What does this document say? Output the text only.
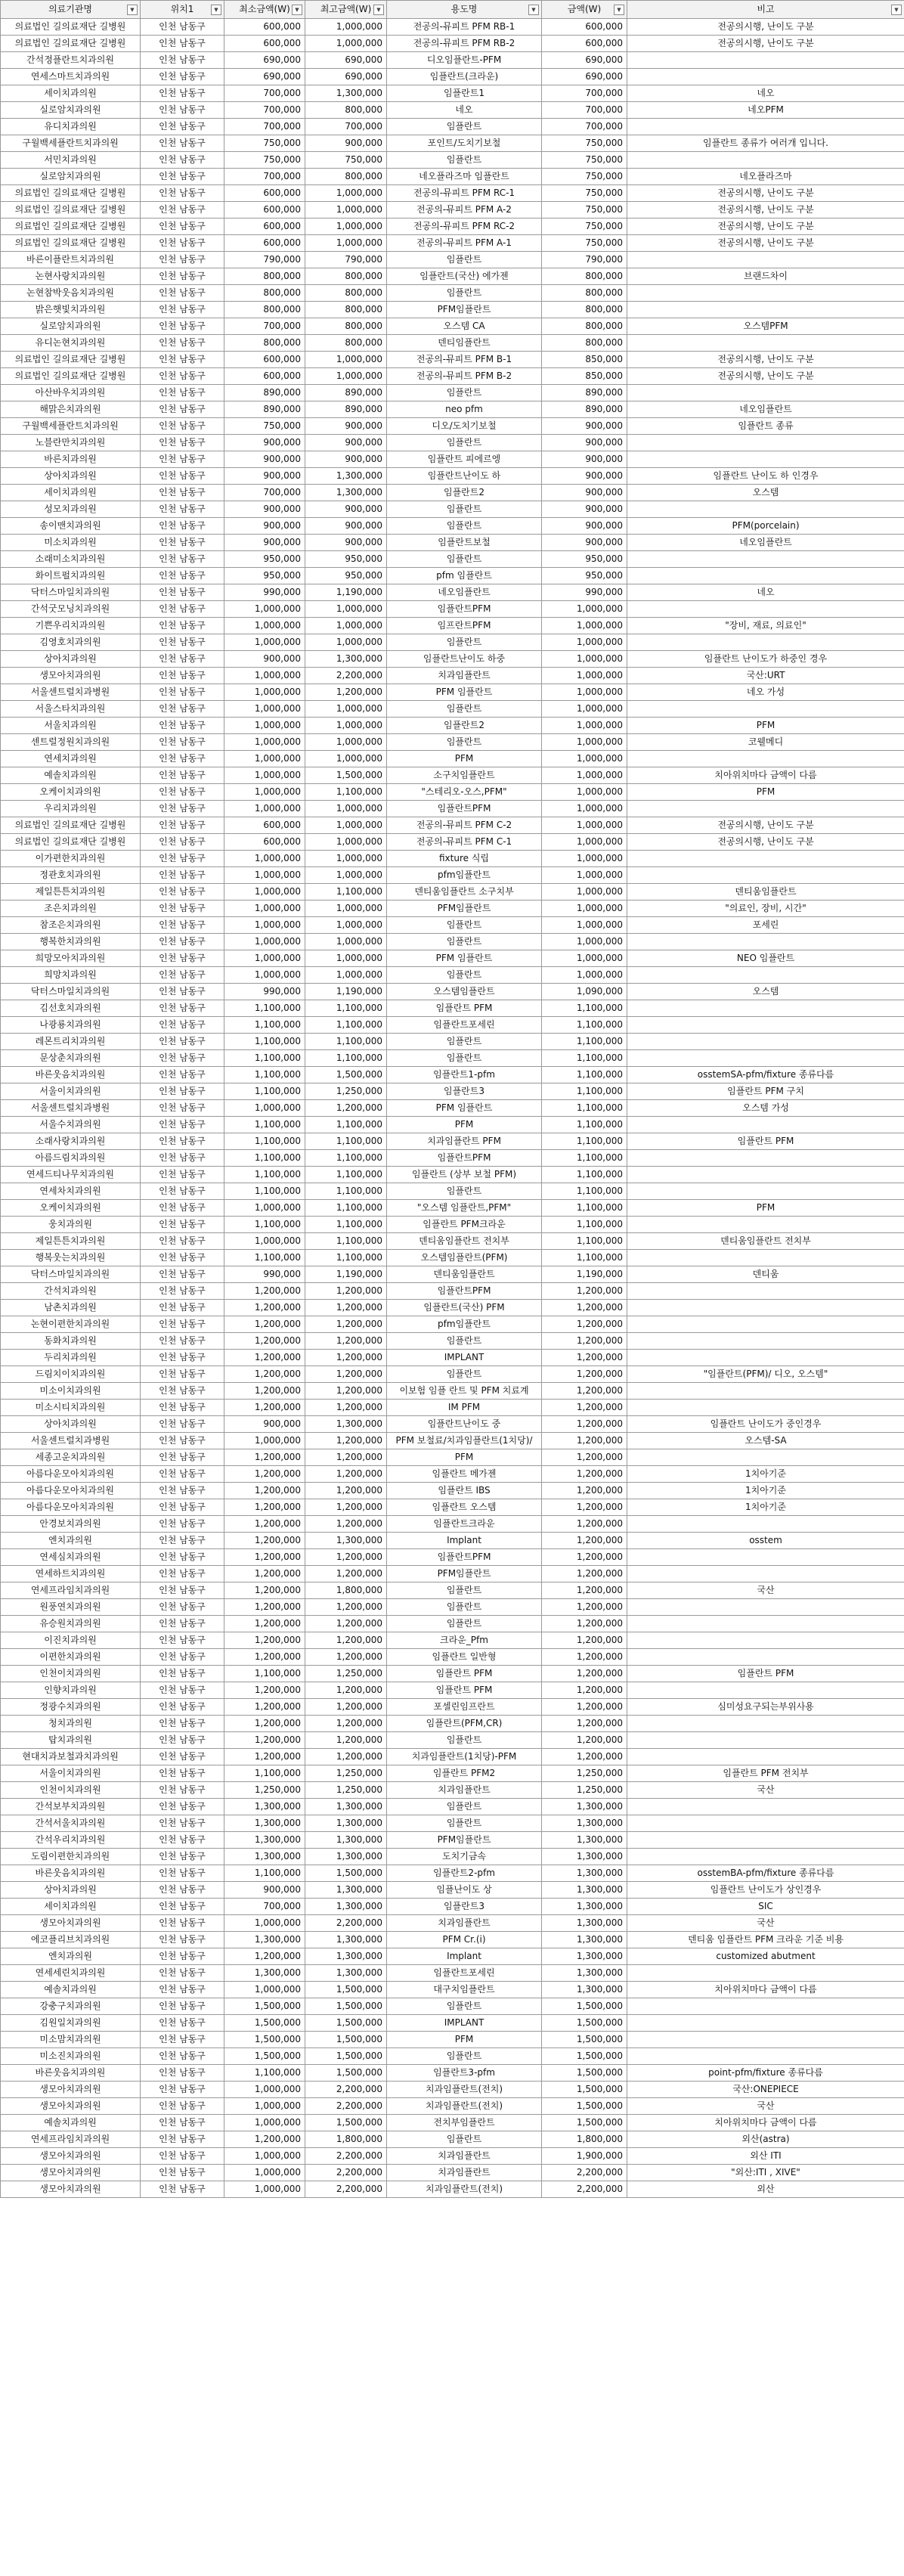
의료기관명 ▼	위치1 ▼	최소금액(W) ▼	최고금액(W) ▼	용도명 ▼	금액(W) ▼	비고 ▼

의료법인 길의료재단 길병원	인천 남동구	600,000	1,000,000	전공의-뮤피트 PFM RB-1	600,000	전공의시행, 난이도 구분
의료법인 길의료재단 길병원	인천 남동구	600,000	1,000,000	전공의-뮤피트 PFM RB-2	600,000	전공의시행, 난이도 구분
간석정플란트치과의원	인천 남동구	690,000	690,000	디오임플란트-PFM	690,000	
연세스마트치과의원	인천 남동구	690,000	690,000	임플란트(크라운)	690,000	
세이치과의원	인천 남동구	700,000	1,300,000	임플란트1	700,000	네오
실로암치과의원	인천 남동구	700,000	800,000	네오	700,000	네오PFM
유디치과의원	인천 남동구	700,000	700,000	임플란트	700,000	
구월백세플란트치과의원	인천 남동구	750,000	900,000	포인트/도치기보철	750,000	임플란트 종류가 여러개 입니다.
서민치과의원	인천 남동구	750,000	750,000	임플란트	750,000	
실로암치과의원	인천 남동구	700,000	800,000	네오플라즈마 임플란트	750,000	네오플라즈마
의료법인 길의료재단 길병원	인천 남동구	600,000	1,000,000	전공의-뮤피트 PFM RC-1	750,000	전공의시행, 난이도 구분
의료법인 길의료재단 길병원	인천 남동구	600,000	1,000,000	전공의-뮤피트 PFM A-2	750,000	전공의시행, 난이도 구분
의료법인 길의료재단 길병원	인천 남동구	600,000	1,000,000	전공의-뮤피트 PFM RC-2	750,000	전공의시행, 난이도 구분
의료법인 길의료재단 길병원	인천 남동구	600,000	1,000,000	전공의-뮤피트 PFM A-1	750,000	전공의시행, 난이도 구분
바른이플란트치과의원	인천 남동구	790,000	790,000	임플란트	790,000	
논현사랑치과의원	인천 남동구	800,000	800,000	임플란트(국산) 에가젠	800,000	브랜드차이
논현참박웃음치과의원	인천 남동구	800,000	800,000	임플란트	800,000	
밝은햇빛치과의원	인천 남동구	800,000	800,000	PFM임플란트	800,000	
실로암치과의원	인천 남동구	700,000	800,000	오스템 CA	800,000	오스템PFM
유디논현치과의원	인천 남동구	800,000	800,000	덴티임플란트	800,000	
의료법인 길의료재단 길병원	인천 남동구	600,000	1,000,000	전공의-뮤피트 PFM B-1	850,000	전공의시행, 난이도 구분
의료법인 길의료재단 길병원	인천 남동구	600,000	1,000,000	전공의-뮤피트 PFM B-2	850,000	전공의시행, 난이도 구분
아산바우치과의원	인천 남동구	890,000	890,000	임플란트	890,000	
해맑은치과의원	인천 남동구	890,000	890,000	neo pfm	890,000	네오임플란트
구월백세플란트치과의원	인천 남동구	750,000	900,000	디오/도치기보철	900,000	임플란트 종류
노블란만치과의원	인천 남동구	900,000	900,000	임플란트	900,000	
바른치과의원	인천 남동구	900,000	900,000	임플란트 피에르엥	900,000	
상아치과의원	인천 남동구	900,000	1,300,000	임플란트난이도 하	900,000	임플란트 난이도 하 인경우
세이치과의원	인천 남동구	700,000	1,300,000	임플란트2	900,000	오스템
성모치과의원	인천 남동구	900,000	900,000	임플란트	900,000	
송이맨치과의원	인천 남동구	900,000	900,000	임플란트	900,000	PFM(porcelain)
미소치과의원	인천 남동구	900,000	900,000	임플란트보철	900,000	네오임플란트
소래미소치과의원	인천 남동구	950,000	950,000	임플란트	950,000	
화이트펄치과의원	인천 남동구	950,000	950,000	pfm 임플란트	950,000	
닥터스마일치과의원	인천 남동구	990,000	1,190,000	네오임플란트	990,000	네오
간석굿모닝치과의원	인천 남동구	1,000,000	1,000,000	임플란트PFM	1,000,000	
기쁜우리치과의원	인천 남동구	1,000,000	1,000,000	임프란트PFM	1,000,000	"장비, 재료, 의료인"
김영호치과의원	인천 남동구	1,000,000	1,000,000	임플란트	1,000,000	
상아치과의원	인천 남동구	900,000	1,300,000	임플란트난이도 하중	1,000,000	임플란트 난이도가 하중인 경우
생모아치과의원	인천 남동구	1,000,000	2,200,000	치과임플란트	1,000,000	국산:URT
서울센트럴치과병원	인천 남동구	1,000,000	1,200,000	PFM 임플란트	1,000,000	네오 가성
서울스타치과의원	인천 남동구	1,000,000	1,000,000	임플란트	1,000,000	
서울치과의원	인천 남동구	1,000,000	1,000,000	임플란트2	1,000,000	PFM
센트럴정원치과의원	인천 남동구	1,000,000	1,000,000	임플란트	1,000,000	코웰메디
연세치과의원	인천 남동구	1,000,000	1,000,000	PFM	1,000,000	
예솔치과의원	인천 남동구	1,000,000	1,500,000	소구치임플란트	1,000,000	치아위치마다 금액이 다름
오케이치과의원	인천 남동구	1,000,000	1,100,000	"스테리오-오스,PFM"	1,000,000	PFM
우리치과의원	인천 남동구	1,000,000	1,000,000	임플란트PFM	1,000,000	
의료법인 길의료재단 길병원	인천 남동구	600,000	1,000,000	전공의-뮤피트 PFM C-2	1,000,000	전공의시행, 난이도 구분
의료법인 길의료재단 길병원	인천 남동구	600,000	1,000,000	전공의-뮤피트 PFM C-1	1,000,000	전공의시행, 난이도 구분
이가편한치과의원	인천 남동구	1,000,000	1,000,000	fixture 식립	1,000,000	
정관호치과의원	인천 남동구	1,000,000	1,000,000	pfm임플란트	1,000,000	
제일튼튼치과의원	인천 남동구	1,000,000	1,100,000	덴티움임플란트 소구치부	1,000,000	덴티움임플란트
조은치과의원	인천 남동구	1,000,000	1,000,000	PFM임플란트	1,000,000	"의료인, 장비, 시간"
참조은치과의원	인천 남동구	1,000,000	1,000,000	임플란트	1,000,000	포세린
행복한치과의원	인천 남동구	1,000,000	1,000,000	임플란트	1,000,000	
희망모아치과의원	인천 남동구	1,000,000	1,000,000	PFM 임플란트	1,000,000	NEO 임플란트
희망치과의원	인천 남동구	1,000,000	1,000,000	임플란트	1,000,000	
닥터스마일치과의원	인천 남동구	990,000	1,190,000	오스템임플란트	1,090,000	오스템
김선호치과의원	인천 남동구	1,100,000	1,100,000	임플란트 PFM	1,100,000	
나광룡치과의원	인천 남동구	1,100,000	1,100,000	임플란트포세린	1,100,000	
레몬트리치과의원	인천 남동구	1,100,000	1,100,000	임플란트	1,100,000	
문상춘치과의원	인천 남동구	1,100,000	1,100,000	임플란트	1,100,000	
바른웃음치과의원	인천 남동구	1,100,000	1,500,000	임플란트1-pfm	1,100,000	osstemSA-pfm/fixture 종류다름
서울이치과의원	인천 남동구	1,100,000	1,250,000	임플란트3	1,100,000	임플란트 PFM 구치
서울센트럴치과병원	인천 남동구	1,000,000	1,200,000	PFM 임플란트	1,100,000	오스템 가성
서울수치과의원	인천 남동구	1,100,000	1,100,000	PFM	1,100,000	
소래사랑치과의원	인천 남동구	1,100,000	1,100,000	치과임플란트 PFM	1,100,000	임플란트 PFM
아름드림치과의원	인천 남동구	1,100,000	1,100,000	임플란트PFM	1,100,000	
연세드티나무치과의원	인천 남동구	1,100,000	1,100,000	임플란트 (상부 보철 PFM)	1,100,000	
연세차치과의원	인천 남동구	1,100,000	1,100,000	임플란트	1,100,000	
오케이치과의원	인천 남동구	1,000,000	1,100,000	"오스템 임플란트,PFM"	1,100,000	PFM
웅치과의원	인천 남동구	1,100,000	1,100,000	임플란트 PFM크라운	1,100,000	
제일튼튼치과의원	인천 남동구	1,000,000	1,100,000	덴티움임플란트 전치부	1,100,000	덴티움임플란트 전치부
행복웃는치과의원	인천 남동구	1,100,000	1,100,000	오스템임플란트(PFM)	1,100,000	
닥터스마일치과의원	인천 남동구	990,000	1,190,000	덴티움임플란트	1,190,000	덴티움
간석치과의원	인천 남동구	1,200,000	1,200,000	임플란트PFM	1,200,000	
남촌치과의원	인천 남동구	1,200,000	1,200,000	임플란트(국산) PFM	1,200,000	
논현이편한치과의원	인천 남동구	1,200,000	1,200,000	pfm임플란트	1,200,000	
동화치과의원	인천 남동구	1,200,000	1,200,000	임플란트	1,200,000	
두리치과의원	인천 남동구	1,200,000	1,200,000	IMPLANT	1,200,000	
드림치이치과의원	인천 남동구	1,200,000	1,200,000	임플란트	1,200,000	"임플란트(PFM)/ 디오, 오스템"
미소이치과의원	인천 남동구	1,200,000	1,200,000	이보험 임플 란트 및 PFM 치료계	1,200,000	
미소시티치과의원	인천 남동구	1,200,000	1,200,000	IM PFM	1,200,000	
상아치과의원	인천 남동구	900,000	1,300,000	임플란트난이도 중	1,200,000	임플란트 난이도가 중인경우
서울센트럴치과병원	인천 남동구	1,000,000	1,200,000	PFM 보철료/치과임플란트(1치당)/	1,200,000	오스템-SA
세종고운치과의원	인천 남동구	1,200,000	1,200,000	PFM	1,200,000	
아름다운모아치과의원	인천 남동구	1,200,000	1,200,000	임플란트 메가젠	1,200,000	1치아기준
아름다운모아치과의원	인천 남동구	1,200,000	1,200,000	임플란트 IBS	1,200,000	1치아기준
아름다운모아치과의원	인천 남동구	1,200,000	1,200,000	임플란트 오스템	1,200,000	1치아기준
안경보치과의원	인천 남동구	1,200,000	1,200,000	임플란트크라운	1,200,000	
엔치과의원	인천 남동구	1,200,000	1,300,000	Implant	1,200,000	osstem
연세심치과의원	인천 남동구	1,200,000	1,200,000	임플란트PFM	1,200,000	
연세하트치과의원	인천 남동구	1,200,000	1,200,000	PFM임플란트	1,200,000	
연세프라임치과의원	인천 남동구	1,200,000	1,800,000	임플란트	1,200,000	국산
원풍연치과의원	인천 남동구	1,200,000	1,200,000	임플란트	1,200,000	
유승원치과의원	인천 남동구	1,200,000	1,200,000	임플란트	1,200,000	
이진치과의원	인천 남동구	1,200,000	1,200,000	크라운_Pfm	1,200,000	
이편한치과의원	인천 남동구	1,200,000	1,200,000	임플란트 일반형	1,200,000	
인천이치과의원	인천 남동구	1,100,000	1,250,000	임플란트 PFM	1,200,000	임플란트 PFM
인향치과의원	인천 남동구	1,200,000	1,200,000	임플란트 PFM	1,200,000	
정광수치과의원	인천 남동구	1,200,000	1,200,000	포셀린임프란트	1,200,000	심미성요구되는부위사용
청치과의원	인천 남동구	1,200,000	1,200,000	임플란트(PFM,CR)	1,200,000	
탑치과의원	인천 남동구	1,200,000	1,200,000	임플란트	1,200,000	
현대치과보철과치과의원	인천 남동구	1,200,000	1,200,000	치과임플란트(1치당)-PFM	1,200,000	
서울이치과의원	인천 남동구	1,100,000	1,250,000	임플란트 PFM2	1,250,000	임플란트 PFM 전치부
인천이치과의원	인천 남동구	1,250,000	1,250,000	치과임플란트	1,250,000	국산
간석보부치과의원	인천 남동구	1,300,000	1,300,000	임플란트	1,300,000	
간석서울치과의원	인천 남동구	1,300,000	1,300,000	임플란트	1,300,000	
간석우리치과의원	인천 남동구	1,300,000	1,300,000	PFM임플란트	1,300,000	
도림이편한치과의원	인천 남동구	1,300,000	1,300,000	도치기금속	1,300,000	
바른웃음치과의원	인천 남동구	1,100,000	1,500,000	임플란트2-pfm	1,300,000	osstemBA-pfm/fixture 종류다름
상아치과의원	인천 남동구	900,000	1,300,000	임플난이도 상	1,300,000	임플란트 난이도가 상인경우
세이치과의원	인천 남동구	700,000	1,300,000	임플란트3	1,300,000	SIC
생모아치과의원	인천 남동구	1,000,000	2,200,000	치과임플란트	1,300,000	국산
에코플리브치과의원	인천 남동구	1,300,000	1,300,000	PFM Cr.(i)	1,300,000	덴티움 임플란트 PFM 크라운 기준 비용
엔치과의원	인천 남동구	1,200,000	1,300,000	Implant	1,300,000	customized abutment
연세세린치과의원	인천 남동구	1,300,000	1,300,000	임플란트포세린	1,300,000	
예솔치과의원	인천 남동구	1,000,000	1,500,000	대구치임플란트	1,300,000	치아위치마다 금액이 다름
강충구치과의원	인천 남동구	1,500,000	1,500,000	임플란트	1,500,000	
김원일치과의원	인천 남동구	1,500,000	1,500,000	IMPLANT	1,500,000	
미소맘치과의원	인천 남동구	1,500,000	1,500,000	PFM	1,500,000	
미소진치과의원	인천 남동구	1,500,000	1,500,000	임플란트	1,500,000	
바른웃음치과의원	인천 남동구	1,100,000	1,500,000	임플란트3-pfm	1,500,000	point-pfm/fixture 종류다름
생모아치과의원	인천 남동구	1,000,000	2,200,000	치과임플란트(전치)	1,500,000	국산:ONEPIECE
생모아치과의원	인천 남동구	1,000,000	2,200,000	치과임플란트(전치)	1,500,000	국산
예솔치과의원	인천 남동구	1,000,000	1,500,000	전치부임플란트	1,500,000	치아위치마다 금액이 다름
연세프라임치과의원	인천 남동구	1,200,000	1,800,000	임플란트	1,800,000	외산(astra)
생모아치과의원	인천 남동구	1,000,000	2,200,000	치과임플란트	1,900,000	외산 ITI
생모아치과의원	인천 남동구	1,000,000	2,200,000	치과임플란트	2,200,000	"외산:ITI , XIVE"
생모아치과의원	인천 남동구	1,000,000	2,200,000	치과임플란트(전치)	2,200,000	외산
